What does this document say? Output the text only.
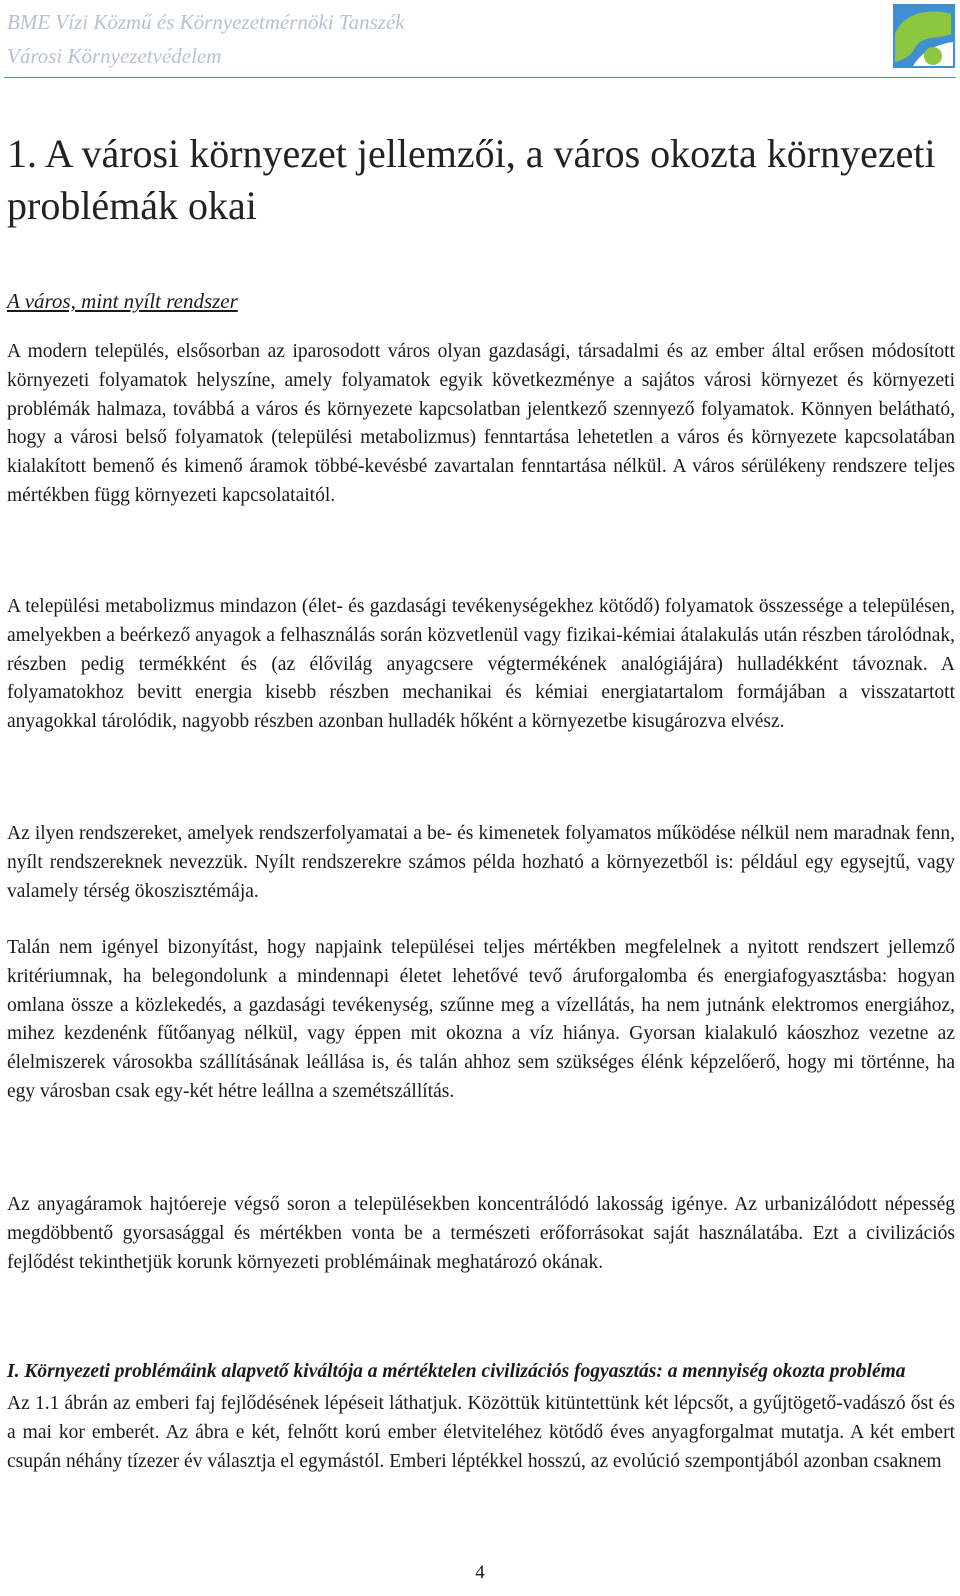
BME Vízi Közmű és Környezetmérnöki Tanszék
Városi Környezetvédelem
1. A városi környezet jellemzői, a város okozta környezeti problémák okai
A város, mint nyílt rendszer

A modern település, elsősorban az iparosodott város olyan gazdasági, társadalmi és az ember által erősen módosított környezeti folyamatok helyszíne, amely folyamatok egyik következménye a sajátos városi környezet és környezeti problémák halmaza, továbbá a város és környezete kapcsolatban jelentkező szennyező folyamatok. Könnyen belátható, hogy a városi belső folyamatok (települési metabolizmus) fenntartása lehetetlen a város és környezete kapcsolatában kialakított bemenő és kimenő áramok többé-kevésbé zavartalan fenntartása nélkül. A város sérülékeny rendszere teljes mértékben függ környezeti kapcsolataitól.

A települési metabolizmus mindazon (élet- és gazdasági tevékenységekhez kötődő) folyamatok összessége a településen, amelyekben a beérkező anyagok a felhasználás során közvetlenül vagy fizikai-kémiai átalakulás után részben tárolódnak, részben pedig termékként és (az élővilág anyagcsere végtermékének analógiájára) hulladékként távoznak. A folyamatokhoz bevitt energia kisebb részben mechanikai és kémiai energiatartalom formájában a visszatartott anyagokkal tárolódik, nagyobb részben azonban hulladék hőként a környezetbe kisugározva elvész.

Az ilyen rendszereket, amelyek rendszerfolyamatai a be- és kimenetek folyamatos működése nélkül nem maradnak fenn, nyílt rendszereknek nevezzük. Nyílt rendszerekre számos példa hozható a környezetből is: például egy egysejtű, vagy valamely térség ökoszisztémája.

Talán nem igényel bizonyítást, hogy napjaink települései teljes mértékben megfelelnek a nyitott rendszert jellemző kritériumnak, ha belegondolunk a mindennapi életet lehetővé tevő áruforgalomba és energiafogyasztásba: hogyan omlana össze a közlekedés, a gazdasági tevékenység, szűnne meg a vízellátás, ha nem jutnánk elektromos energiához, mihez kezdenénk fűtőanyag nélkül, vagy éppen mit okozna a víz hiánya. Gyorsan kialakuló káoszhoz vezetne az élelmiszerek városokba szállításának leállása is, és talán ahhoz sem szükséges élénk képzelőerő, hogy mi történne, ha egy városban csak egy-két hétre leállna a szemétszállítás.

Az anyagáramok hajtóereje végső soron a településekben koncentrálódó lakosság igénye. Az urbanizálódott népesség megdöbbentő gyorsasággal és mértékben vonta be a természeti erőforrásokat saját használatába. Ezt a civilizációs fejlődést tekinthetjük korunk környezeti problémáinak meghatározó okának.

I. Környezeti problémáink alapvető kiváltója a mértéktelen civilizációs fogyasztás: a mennyiség okozta probléma

Az 1.1 ábrán az emberi faj fejlődésének lépéseit láthatjuk. Közöttük kitüntettünk két lépcsőt, a gyűjtögető-vadászó őst és a mai kor emberét. Az ábra e két, felnőtt korú ember életviteléhez kötődő éves anyagforgalmat mutatja. A két embert csupán néhány tízezer év választja el egymástól. Emberi léptékkel hosszú, az evolúció szempontjából azonban csaknem

4
